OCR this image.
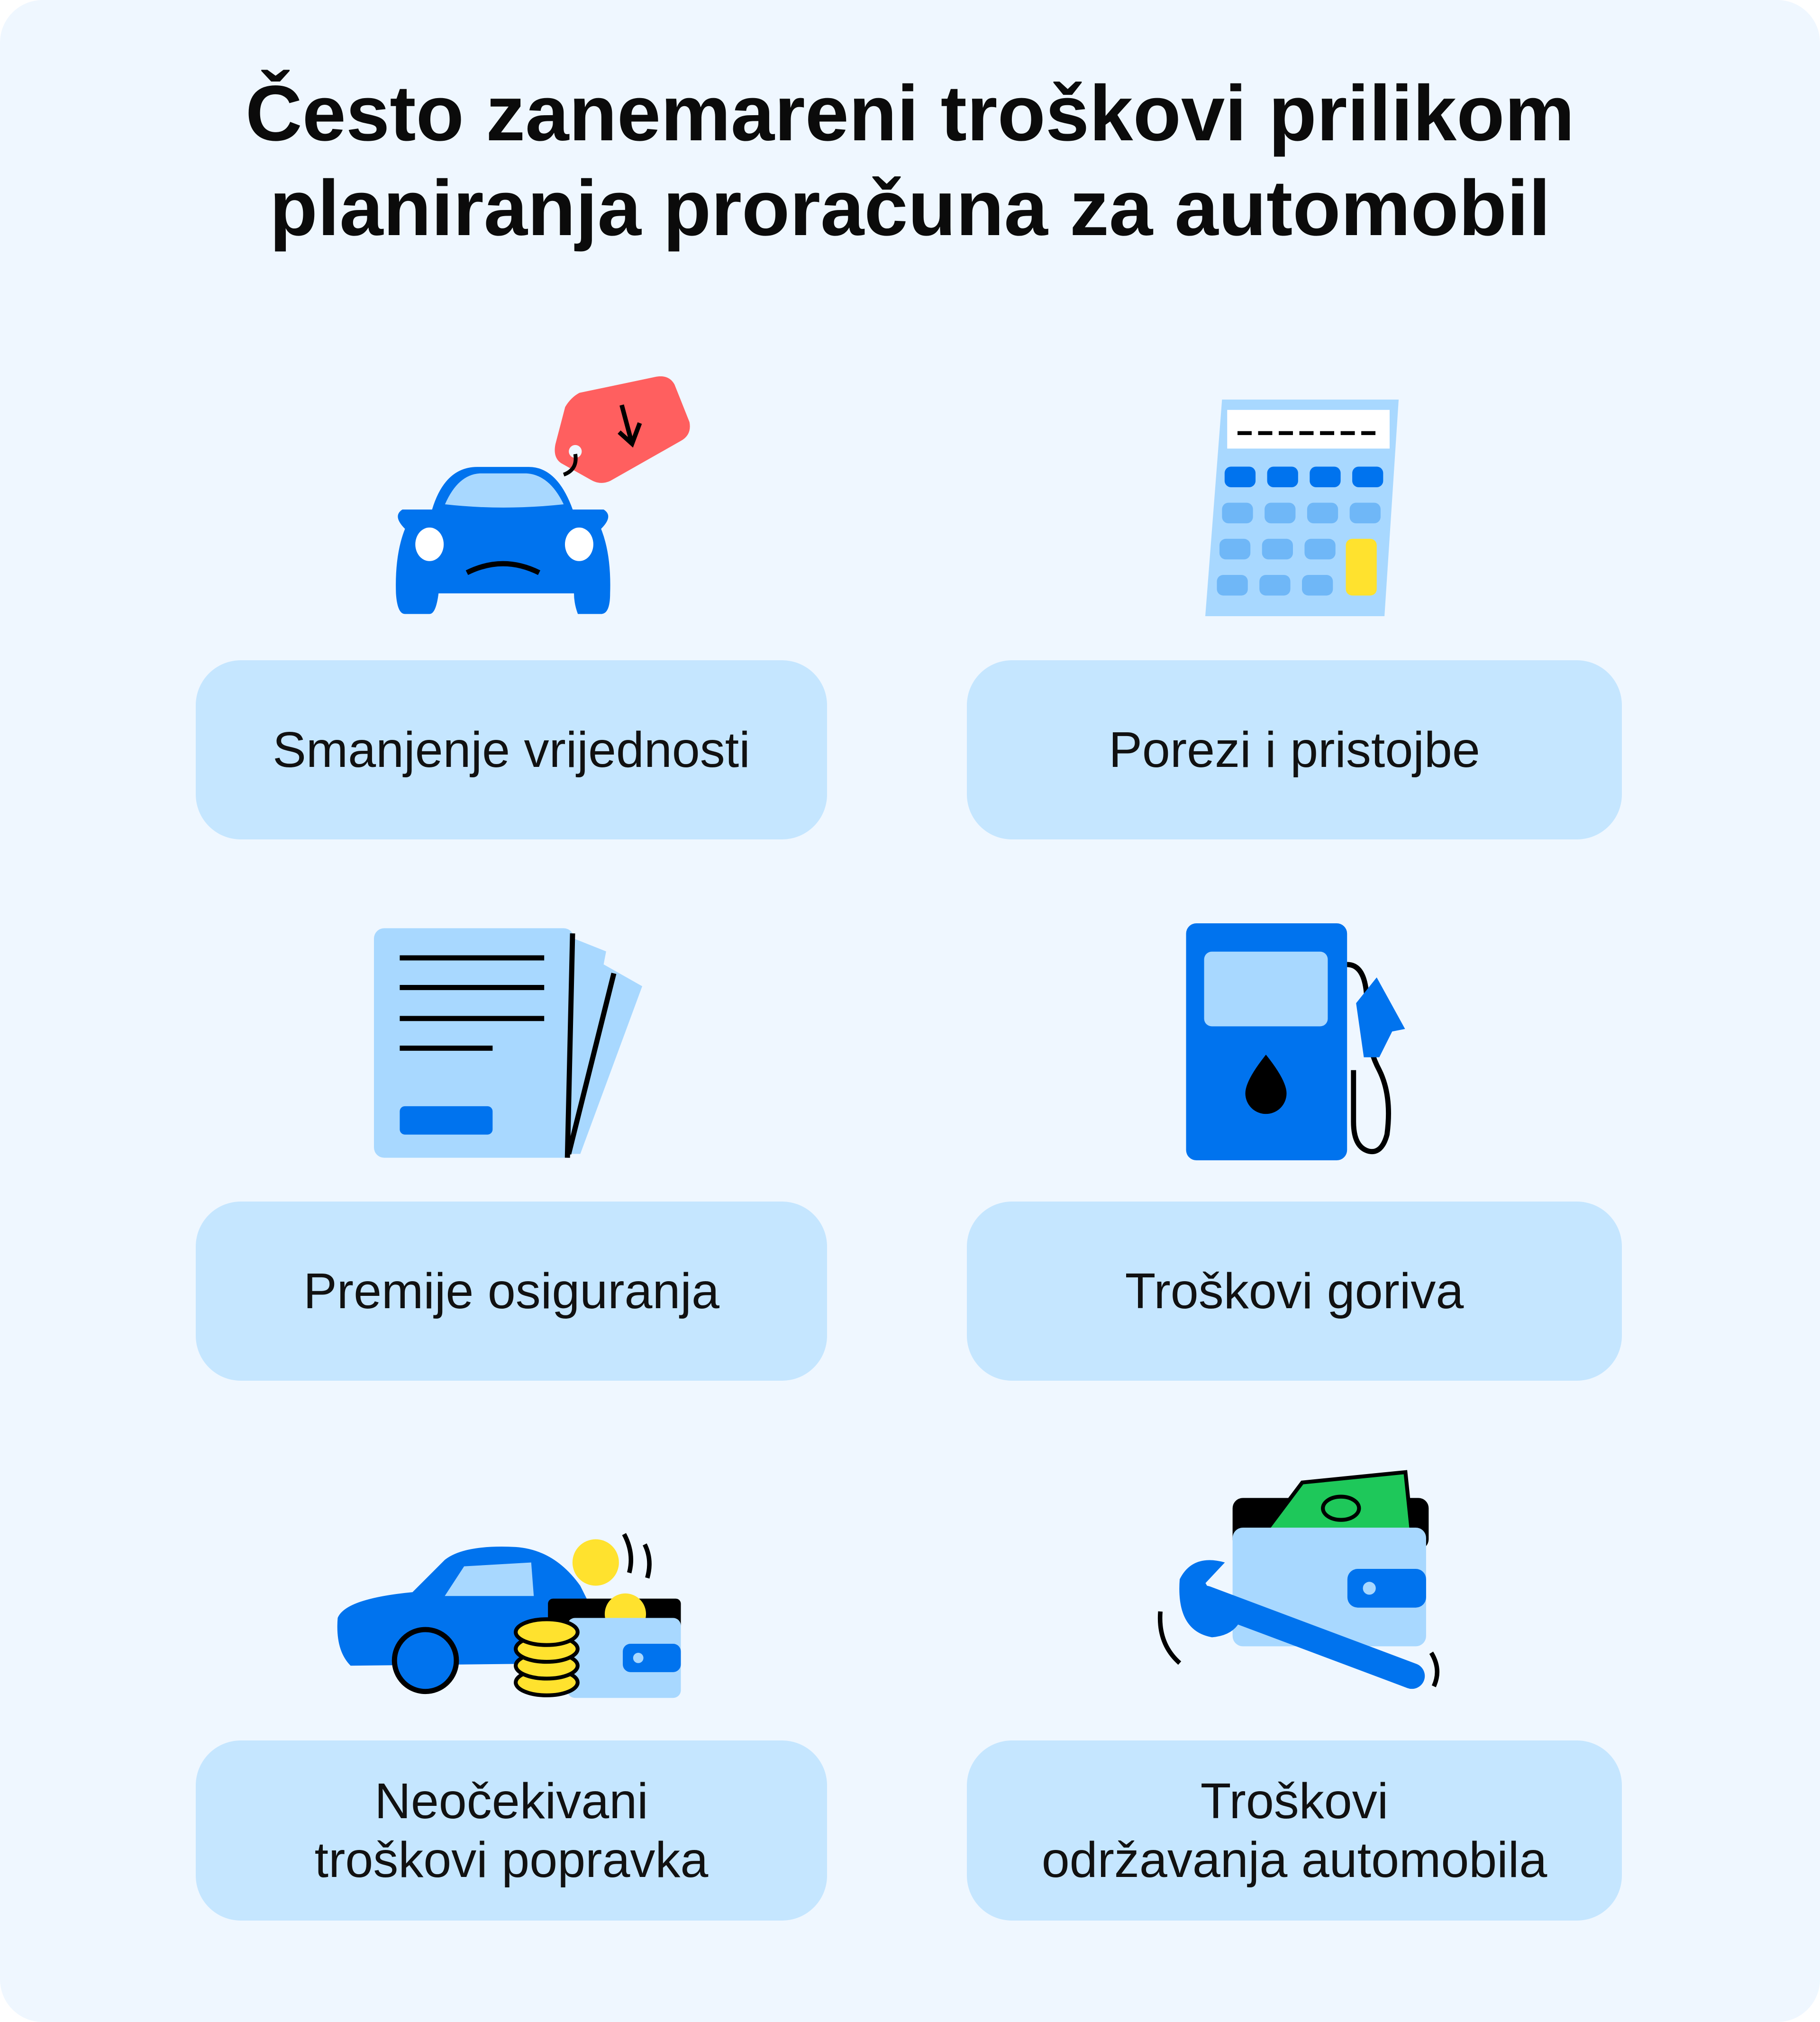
Često zanemareni troškovi prilikom
planiranja proračuna za automobil
Smanjenje vrijednosti	Porezi i pristojbe
Premije osiguranja	Troškovi goriva
Neočekivani
troškovi popravka
Troškovi
održavanja automobila
